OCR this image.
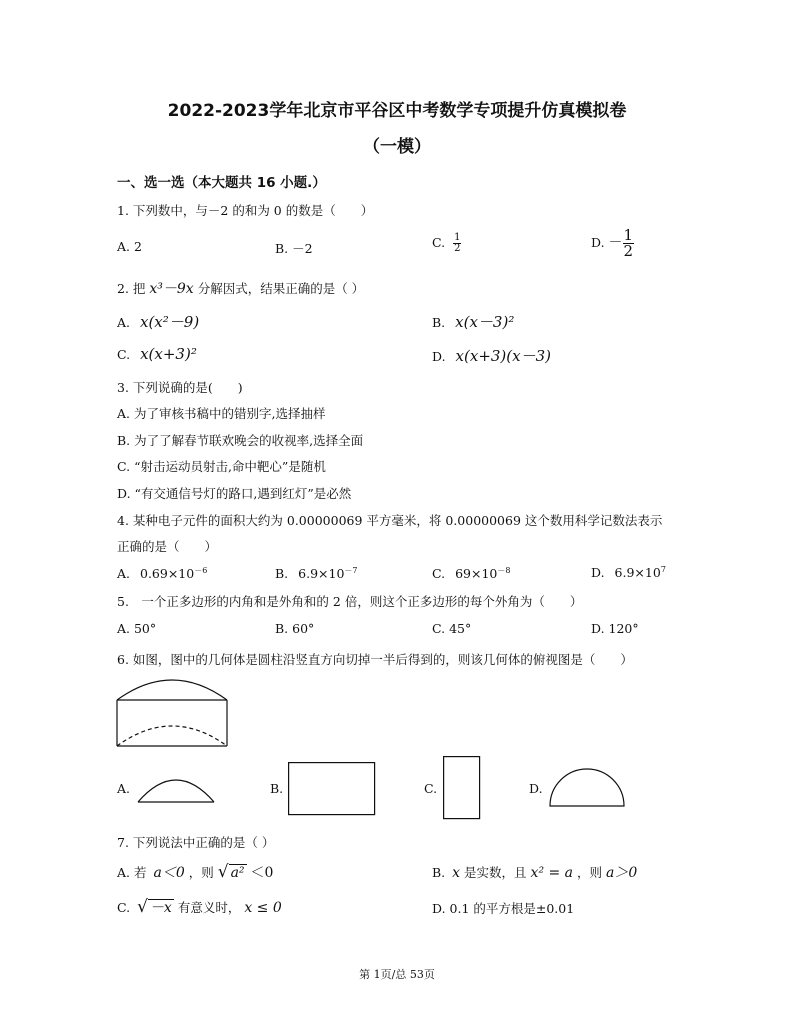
2022-2023学年北京市平谷区中考数学专项提升仿真模拟卷
（一模）
一、选一选（本大题共 16 小题.）
1. 下列数中，与－2 的和为 0 的数是（　　）
A. 2	B. －2	C. $\frac{1}{2}$	D. － $\frac{1}{2}$
2. 把 x³－9x 分解因式，结果正确的是（ ）
A. x(x²－9)	B. x(x－3)²
C. x(x+3)²	D. x(x+3)(x－3)
3. 下列说确的是(　　)
A. 为了审核书稿中的错别字,选择抽样
B. 为了了解春节联欢晚会的收视率,选择全面
C. “射击运动员射击,命中靶心”是随机
D. “有交通信号灯的路口,遇到红灯”是必然
4. 某种电子元件的面积大约为 0.00000069 平方毫米，将 0.00000069 这个数用科学记数法表示
正确的是（　　）
A. $0.69\times 10^{-6}$	B. $6.9\times 10^{-7}$	C. $69\times 10^{-8}$	D. $6.9\times 10^7$
5.　一个正多边形的内角和是外角和的 2 倍，则这个正多边形的每个外角为（　　）
A. 50°	B. 60°	C. 45°	D. 120°
6. 如图，图中的几何体是圆柱沿竖直方向切掉一半后得到的，则该几何体的俯视图是（　　）
A.	B.	C.	D.
7. 下列说法中正确的是（ ）
A. 若 a＜0 ，则 √ a² ＜0	B. x 是实数，且 x² = a ，则 a＞0
C. √ －x 有意义时， x ≤ 0	D. 0.1 的平方根是±0.01
第 1页/总 53页
